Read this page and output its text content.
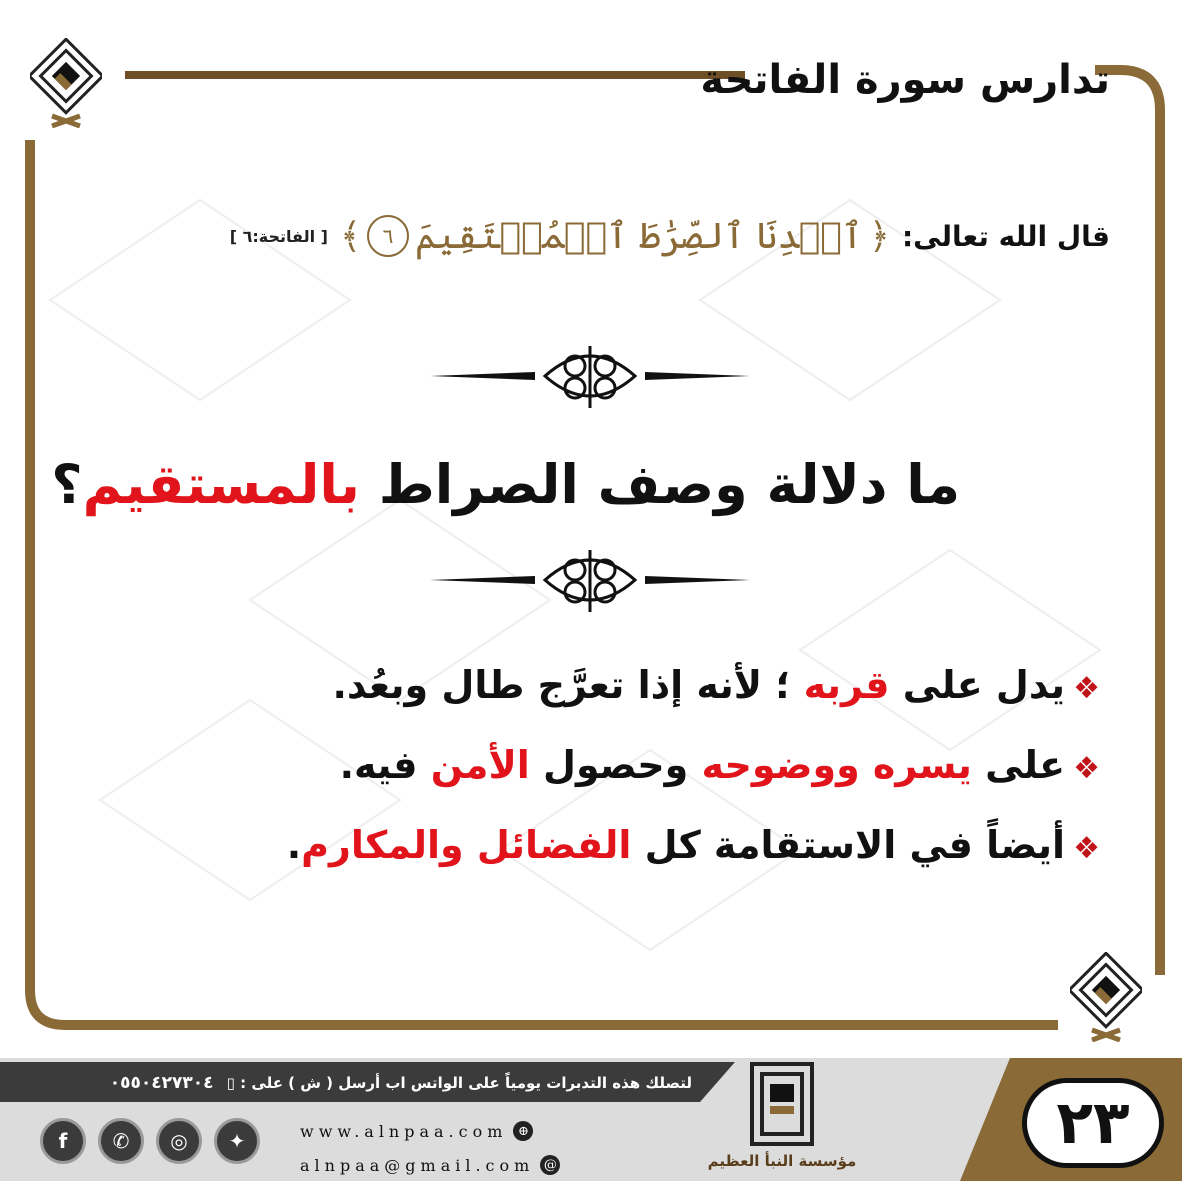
تدارس سورة الفاتحة
قال الله تعالى:
﴿
ٱهۡدِنَا ٱلصِّرَٰطَ ٱلۡمُسۡتَقِيمَ
٦
﴾
[ الفاتحة:٦ ]
ما دلالة وصف الصراط بالمستقيم؟
❖يدل على قربه ؛ لأنه إذا تعرَّج طال وبعُد.
❖على يسره ووضوحه وحصول الأمن فيه.
❖أيضاً في الاستقامة كل الفضائل والمكارم.
لتصلك هذه التدبرات يومياً على الواتس اب أرسل ( ش ) على : ▯ ٠٥٥٠٤٢٧٣٠٤
f	✆	◎	✦	www.alnpaa.com ⊕
alnpaa@gmail.com @	مؤسسة النبأ العظيم
٢٣
